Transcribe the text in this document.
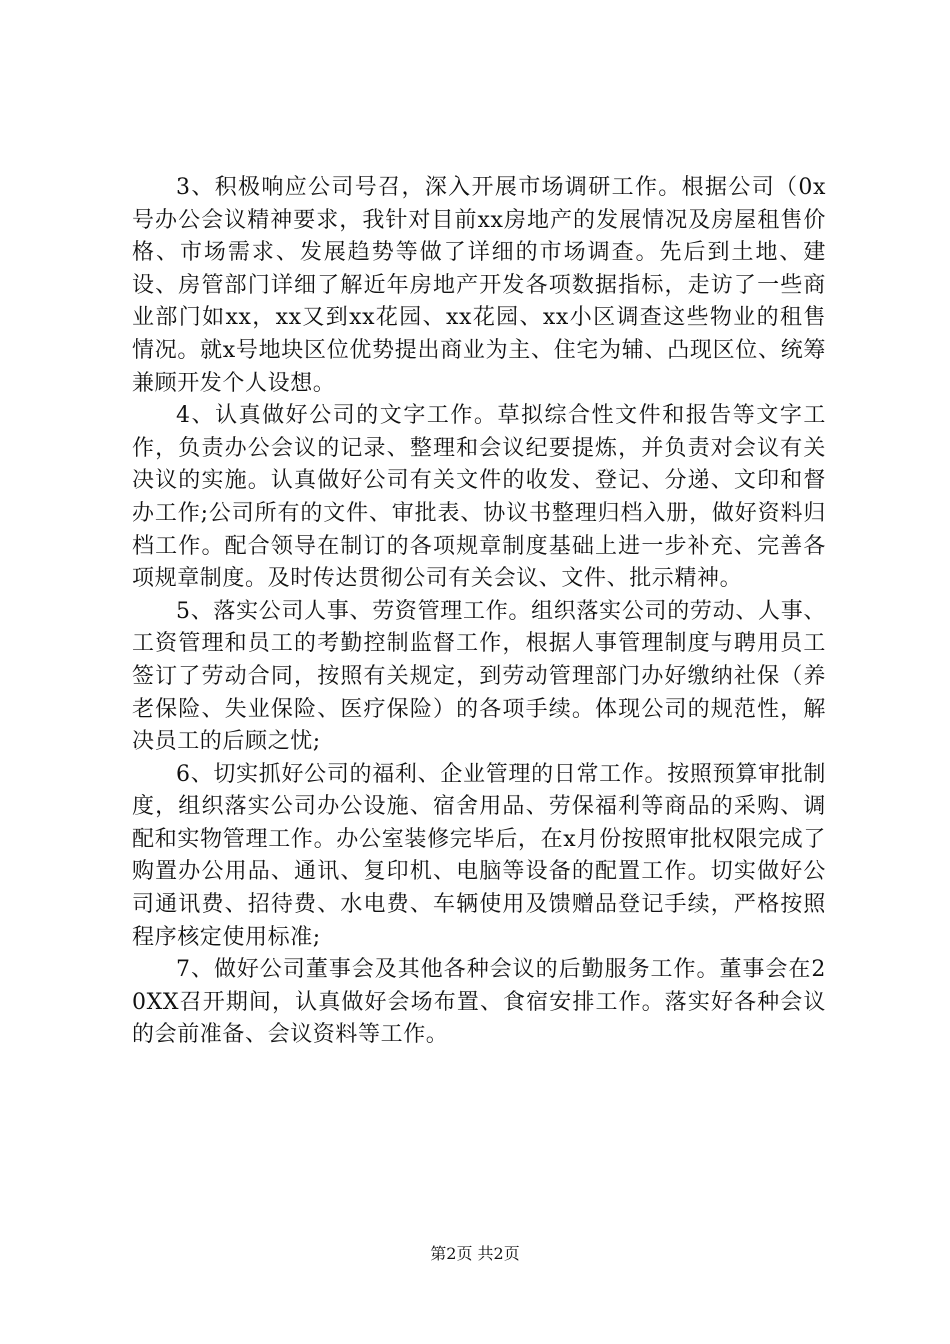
3、积极响应公司号召，深入开展市场调研工作。根据公司（0x号办公会议精神要求，我针对目前xx房地产的发展情况及房屋租售价格、市场需求、发展趋势等做了详细的市场调查。先后到土地、建设、房管部门详细了解近年房地产开发各项数据指标，走访了一些商业部门如xx，xx又到xx花园、xx花园、xx小区调查这些物业的租售情况。就x号地块区位优势提出商业为主、住宅为辅、凸现区位、统筹兼顾开发个人设想。

4、认真做好公司的文字工作。草拟综合性文件和报告等文字工作，负责办公会议的记录、整理和会议纪要提炼，并负责对会议有关决议的实施。认真做好公司有关文件的收发、登记、分递、文印和督办工作;公司所有的文件、审批表、协议书整理归档入册，做好资料归档工作。配合领导在制订的各项规章制度基础上进一步补充、完善各项规章制度。及时传达贯彻公司有关会议、文件、批示精神。

5、落实公司人事、劳资管理工作。组织落实公司的劳动、人事、工资管理和员工的考勤控制监督工作，根据人事管理制度与聘用员工签订了劳动合同，按照有关规定，到劳动管理部门办好缴纳社保（养老保险、失业保险、医疗保险）的各项手续。体现公司的规范性，解决员工的后顾之忧;

6、切实抓好公司的福利、企业管理的日常工作。按照预算审批制度，组织落实公司办公设施、宿舍用品、劳保福利等商品的采购、调配和实物管理工作。办公室装修完毕后，在x月份按照审批权限完成了购置办公用品、通讯、复印机、电脑等设备的配置工作。切实做好公司通讯费、招待费、水电费、车辆使用及馈赠品登记手续，严格按照程序核定使用标准;

7、做好公司董事会及其他各种会议的后勤服务工作。董事会在20XX召开期间，认真做好会场布置、食宿安排工作。落实好各种会议的会前准备、会议资料等工作。

第2页 共2页
